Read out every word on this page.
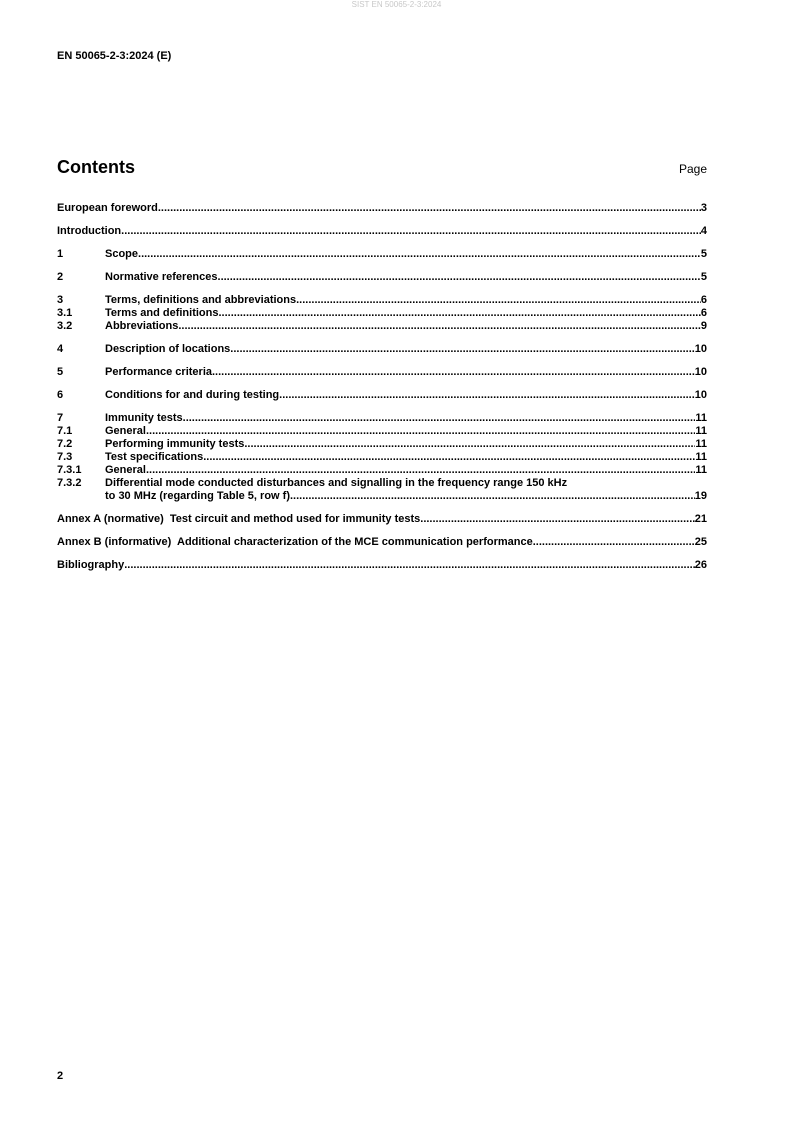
SIST EN 50065-2-3:2024
EN 50065-2-3:2024 (E)
Contents	Page
European foreword .....	3
Introduction .....	4
1	Scope .....	5
2	Normative references .....	5
3	Terms, definitions and abbreviations .....	6
3.1	Terms and definitions .....	6
3.2	Abbreviations .....	9
4	Description of locations .....	10
5	Performance criteria .....	10
6	Conditions for and during testing .....	10
7	Immunity tests .....	11
7.1	General .....	11
7.2	Performing immunity tests .....	11
7.3	Test specifications .....	11
7.3.1	General .....	11
7.3.2	Differential mode conducted disturbances and signalling in the frequency range 150 kHz
to 30 MHz (regarding Table 5, row f) .....	19
Annex A (normative)  Test circuit and method used for immunity tests .....	21
Annex B (informative)  Additional characterization of the MCE communication performance .....	25
Bibliography .....	26
2
